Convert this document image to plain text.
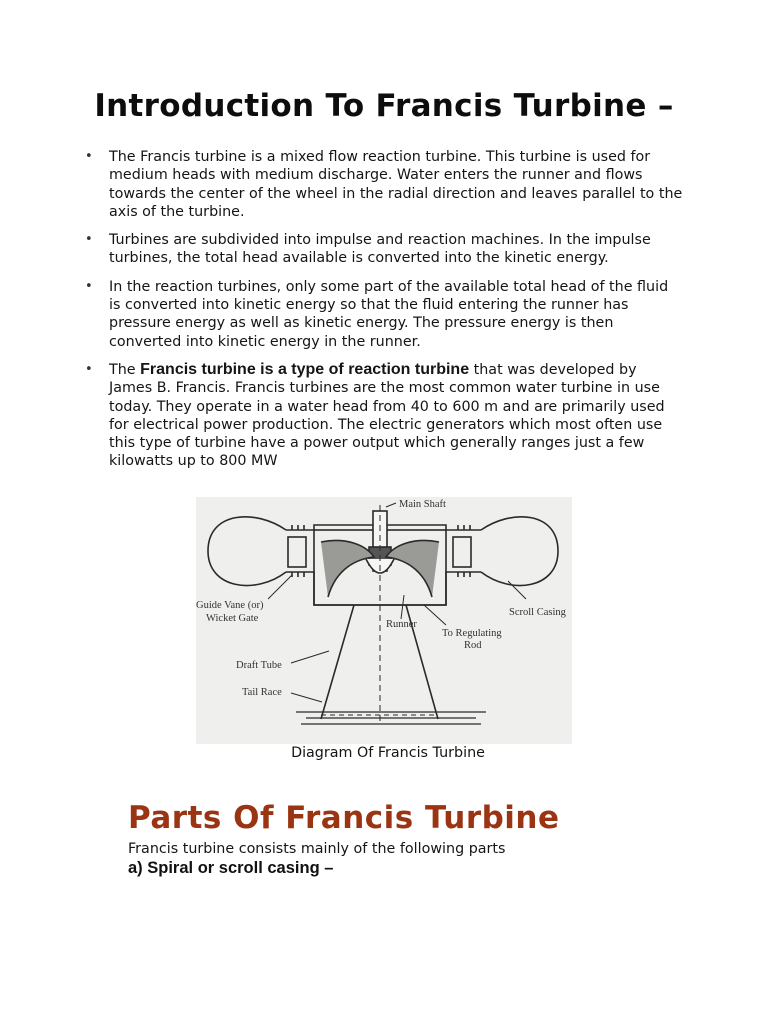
Introduction To Francis Turbine –
• The Francis turbine is a mixed flow reaction turbine. This turbine is used for medium heads with medium discharge. Water enters the runner and flows towards the center of the wheel in the radial direction and leaves parallel to the axis of the turbine.
• Turbines are subdivided into impulse and reaction machines. In the impulse turbines, the total head available is converted into the kinetic energy.
• In the reaction turbines, only some part of the available total head of the fluid is converted into kinetic energy so that the fluid entering the runner has pressure energy as well as kinetic energy. The pressure energy is then converted into kinetic energy in the runner.
• The Francis turbine is a type of reaction turbine that was developed by James B. Francis. Francis turbines are the most common water turbine in use today. They operate in a water head from 40 to 600 m and are primarily used for electrical power production. The electric generators which most often use this type of turbine have a power output which generally ranges just a few kilowatts up to 800 MW
Main Shaft
Guide Vane (or)
Wicket Gate
Scroll Casing
Runner
To Regulating
Rod
Draft Tube
Tail Race

Diagram Of Francis Turbine

Parts Of Francis Turbine

Francis turbine consists mainly of the following parts

a) Spiral or scroll casing –
